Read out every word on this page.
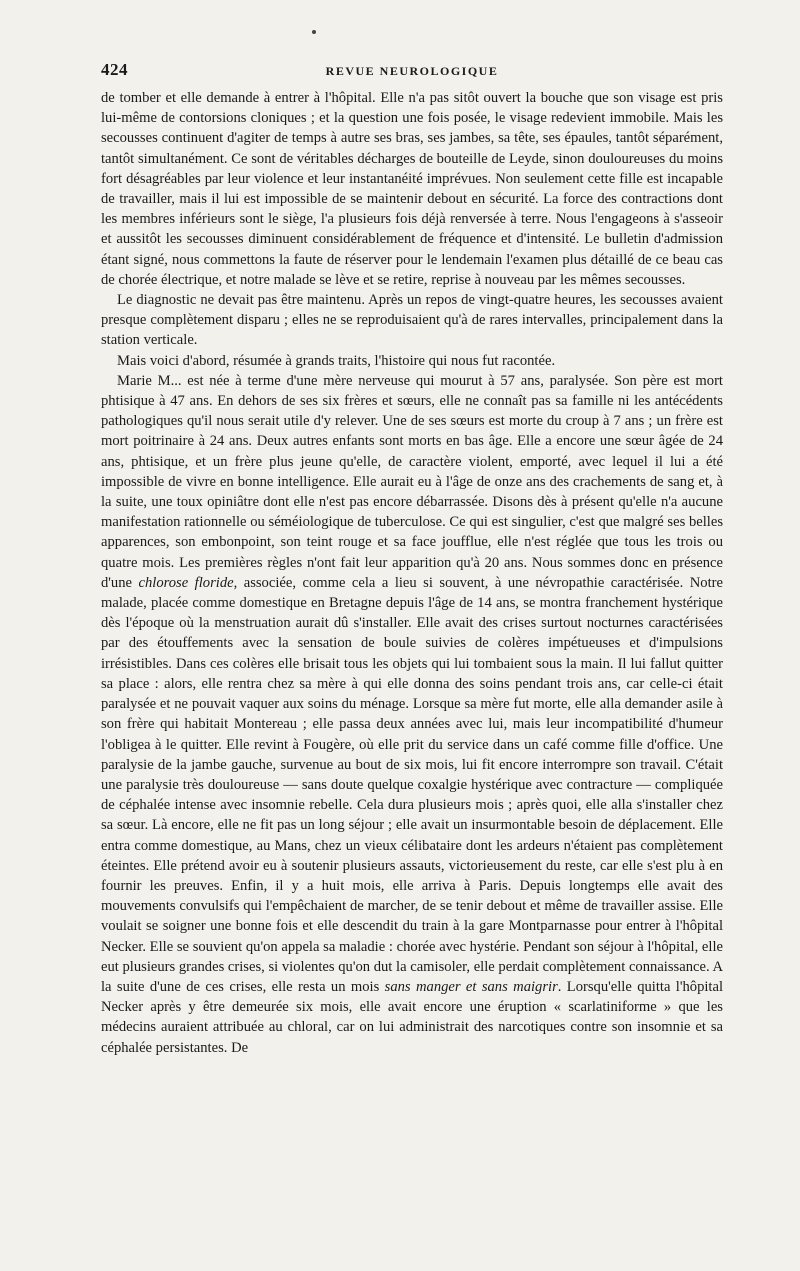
424	REVUE NEUROLOGIQUE

de tomber et elle demande à entrer à l'hôpital. Elle n'a pas sitôt ouvert la bouche que son visage est pris lui-même de contorsions cloniques ; et la question une fois posée, le visage redevient immobile. Mais les secousses continuent d'agiter de temps à autre ses bras, ses jambes, sa tête, ses épaules, tantôt séparément, tantôt simultanément. Ce sont de véritables décharges de bouteille de Leyde, sinon douloureuses du moins fort désagréables par leur violence et leur instantanéité imprévues. Non seulement cette fille est incapable de travailler, mais il lui est impossible de se maintenir debout en sécurité. La force des contractions dont les membres inférieurs sont le siège, l'a plusieurs fois déjà renversée à terre. Nous l'engageons à s'asseoir et aussitôt les secousses diminuent considérablement de fréquence et d'intensité. Le bulletin d'admission étant signé, nous commettons la faute de réserver pour le lendemain l'examen plus détaillé de ce beau cas de chorée électrique, et notre malade se lève et se retire, reprise à nouveau par les mêmes secousses.

Le diagnostic ne devait pas être maintenu. Après un repos de vingt-quatre heures, les secousses avaient presque complètement disparu ; elles ne se reproduisaient qu'à de rares intervalles, principalement dans la station verticale.

Mais voici d'abord, résumée à grands traits, l'histoire qui nous fut racontée.

Marie M... est née à terme d'une mère nerveuse qui mourut à 57 ans, paralysée. Son père est mort phtisique à 47 ans. En dehors de ses six frères et sœurs, elle ne connaît pas sa famille ni les antécédents pathologiques qu'il nous serait utile d'y relever. Une de ses sœurs est morte du croup à 7 ans ; un frère est mort poitrinaire à 24 ans. Deux autres enfants sont morts en bas âge. Elle a encore une sœur âgée de 24 ans, phtisique, et un frère plus jeune qu'elle, de caractère violent, emporté, avec lequel il lui a été impossible de vivre en bonne intelligence. Elle aurait eu à l'âge de onze ans des crachements de sang et, à la suite, une toux opiniâtre dont elle n'est pas encore débarrassée. Disons dès à présent qu'elle n'a aucune manifestation rationnelle ou séméiologique de tuberculose. Ce qui est singulier, c'est que malgré ses belles apparences, son embonpoint, son teint rouge et sa face joufflue, elle n'est réglée que tous les trois ou quatre mois. Les premières règles n'ont fait leur apparition qu'à 20 ans. Nous sommes donc en présence d'une chlorose floride, associée, comme cela a lieu si souvent, à une névropathie caractérisée. Notre malade, placée comme domestique en Bretagne depuis l'âge de 14 ans, se montra franchement hystérique dès l'époque où la menstruation aurait dû s'installer. Elle avait des crises surtout nocturnes caractérisées par des étouffements avec la sensation de boule suivies de colères impétueuses et d'impulsions irrésistibles. Dans ces colères elle brisait tous les objets qui lui tombaient sous la main. Il lui fallut quitter sa place : alors, elle rentra chez sa mère à qui elle donna des soins pendant trois ans, car celle-ci était paralysée et ne pouvait vaquer aux soins du ménage. Lorsque sa mère fut morte, elle alla demander asile à son frère qui habitait Montereau ; elle passa deux années avec lui, mais leur incompatibilité d'humeur l'obligea à le quitter. Elle revint à Fougère, où elle prit du service dans un café comme fille d'office. Une paralysie de la jambe gauche, survenue au bout de six mois, lui fit encore interrompre son travail. C'était une paralysie très douloureuse — sans doute quelque coxalgie hystérique avec contracture — compliquée de céphalée intense avec insomnie rebelle. Cela dura plusieurs mois ; après quoi, elle alla s'installer chez sa sœur. Là encore, elle ne fit pas un long séjour ; elle avait un insurmontable besoin de déplacement. Elle entra comme domestique, au Mans, chez un vieux célibataire dont les ardeurs n'étaient pas complètement éteintes. Elle prétend avoir eu à soutenir plusieurs assauts, victorieusement du reste, car elle s'est plu à en fournir les preuves. Enfin, il y a huit mois, elle arriva à Paris. Depuis longtemps elle avait des mouvements convulsifs qui l'empêchaient de marcher, de se tenir debout et même de travailler assise. Elle voulait se soigner une bonne fois et elle descendit du train à la gare Montparnasse pour entrer à l'hôpital Necker. Elle se souvient qu'on appela sa maladie : chorée avec hystérie. Pendant son séjour à l'hôpital, elle eut plusieurs grandes crises, si violentes qu'on dut la camisoler, elle perdait complètement connaissance. A la suite d'une de ces crises, elle resta un mois sans manger et sans maigrir. Lorsqu'elle quitta l'hôpital Necker après y être demeurée six mois, elle avait encore une éruption « scarlatiniforme » que les médecins auraient attribuée au chloral, car on lui administrait des narcotiques contre son insomnie et sa céphalée persistantes. De
